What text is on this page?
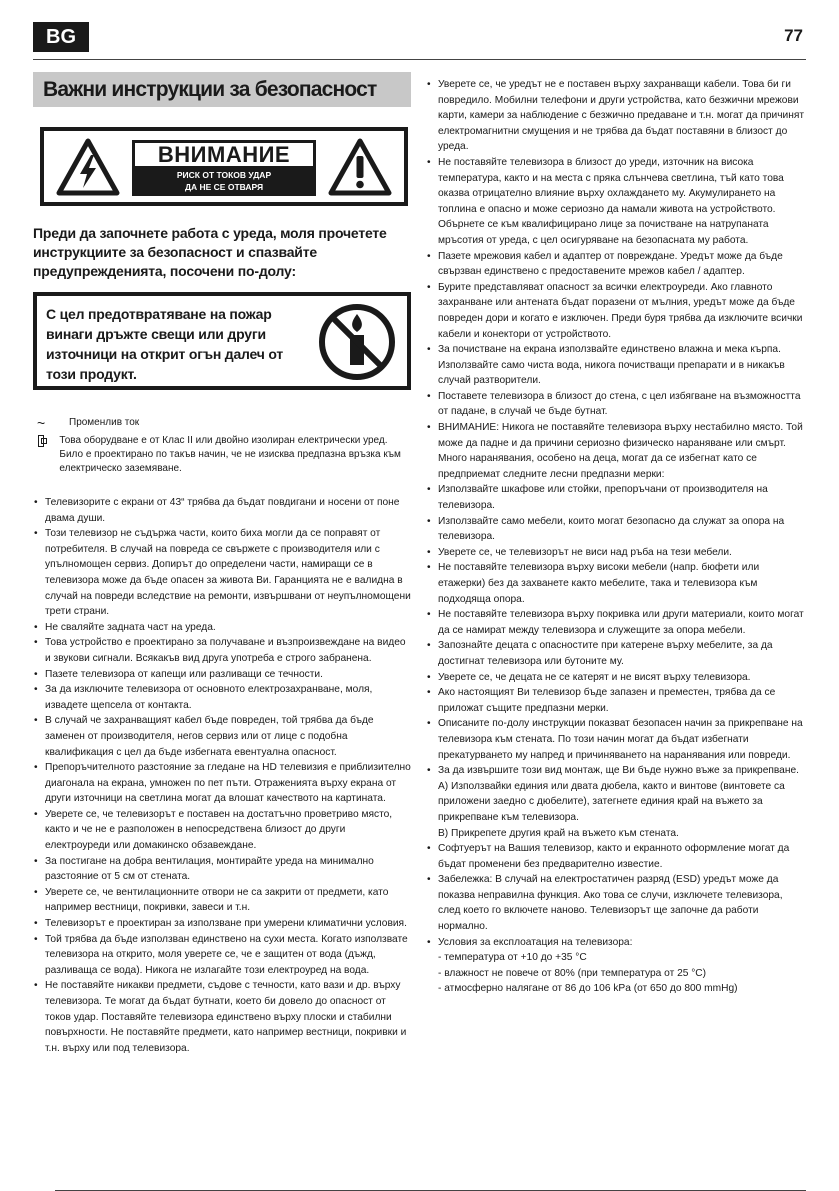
BG	77
Важни инструкции за безопасност
ВНИМАНИЕ
РИСК ОТ ТОКОВ УДАР
ДА НЕ СЕ ОТВАРЯ
Преди да започнете работа с уреда, моля прочетете инструкциите за безопасност и спазвайте предупрежденията, посочени по-долу:
С цел предотвратяване на пожар винаги дръжте свещи или други източници на открит огън далеч от този продукт.
~	Променлив ток
Това оборудване е от Клас II или двойно изолиран електрически уред. Било е проектирано по такъв начин, че не изисква предпазна връзка към електрическо заземяване.
• Телевизорите с екрани от 43“ трябва да бъдат повдигани и носени от поне двама души.
• Този телевизор не съдържа части, които биха могли да се поправят от потребителя. В случай на повреда се свържете с производителя или с упълномощен сервиз. Допирът до определени части, намиращи се в телевизора може да бъде опасен за живота Ви. Гаранцията не е валидна в случай на повреди вследствие на ремонти, извършвани от неупълномощени трети страни.
• Не сваляйте задната част на уреда.
• Това устройство е проектирано за получаване и възпроизвеждане на видео и звукови сигнали. Всякакъв вид друга употреба е строго забранена.
• Пазете телевизора от капещи или разливащи се течности.
• За да изключите телевизора от основното електрозахранване, моля, извадете щепсела от контакта.
• В случай че захранващият кабел бъде повреден, той трябва да бъде заменен от производителя, негов сервиз или от лице с подобна квалификация с цел да бъде избегната евентуална опасност.
• Препоръчителното разстояние за гледане на HD телевизия е приблизително диагонала на екрана, умножен по пет пъти. Отраженията върху екрана от други източници на светлина могат да влошат качеството на картината.
• Уверете се, че телевизорът е поставен на достатъчно проветриво място, както и че не е разположен в непосредствена близост до други електроуреди или домакинско обзавеждане.
• За постигане на добра вентилация, монтирайте уреда на минимално разстояние от 5 см от стената.
• Уверете се, че вентилационните отвори не са закрити от предмети, като например вестници, покривки, завеси и т.н.
• Телевизорът е проектиран за използване при умерени климатични условия.
• Той трябва да бъде използван единствено на сухи места. Когато използвате телевизора на открито, моля уверете се, че е защитен от вода (дъжд, разливаща се вода). Никога не излагайте този електроуред на вода.
• Не поставяйте никакви предмети, съдове с течности, като вази и др. върху телевизора. Те могат да бъдат бутнати, което би довело до опасност от токов удар. Поставяйте телевизора единствено върху плоски и стабилни повърхности. Не поставяйте предмети, като например вестници, покривки и т.н. върху или под телевизора.
• Уверете се, че уредът не е поставен върху захранващи кабели. Това би ги повредило. Мобилни телефони и други устройства, като безжични мрежови карти, камери за наблюдение с безжично предаване и т.н. могат да причинят електромагнитни смущения и не трябва да бъдат поставяни в близост до уреда.
• Не поставяйте телевизора в близост до уреди, източник на висока температура, както и на места с пряка слънчева светлина, тъй като това оказва отрицателно влияние върху охлаждането му. Акумулирането на топлина е опасно и може сериозно да намали живота на устройството. Обърнете се към квалифицирано лице за почистване на натрупаната мръсотия от уреда, с цел осигуряване на безопасната му работа.
• Пазете мрежовия кабел и адаптер от повреждане. Уредът може да бъде свързван единствено с предоставените мрежов кабел / адаптер.
• Бурите представляват опасност за всички електроуреди. Ако главното захранване или антената бъдат поразени от мълния, уредът може да бъде повреден дори и когато е изключен. Преди буря трябва да изключите всички кабели и конектори от устройството.
• За почистване на екрана използвайте единствено влажна и мека кърпа. Използвайте само чиста вода, никога почистващи препарати и в никакъв случай разтворители.
• Поставете телевизора в близост до стена, с цел избягване на възможността от падане, в случай че бъде бутнат.
• ВНИМАНИЕ: Никога не поставяйте телевизора върху нестабилно място. Той може да падне и да причини сериозно физическо нараняване или смърт. Много наранявания, особено на деца, могат да се избегнат като се предприемат следните лесни предпазни мерки:
• Използвайте шкафове или стойки, препоръчани от производителя на телевизора.
• Използвайте само мебели, които могат безопасно да служат за опора на телевизора.
• Уверете се, че телевизорът не виси над ръба на тези мебели.
• Не поставяйте телевизора върху високи мебели (напр. бюфети или етажерки) без да захванете както мебелите, така и телевизора към подходяща опора.
• Не поставяйте телевизора върху покривка или други материали, които могат да се намират между телевизора и служещите за опора мебели.
• Запознайте децата с опасностите при катерене върху мебелите, за да достигнат телевизора или бутоните му.
• Уверете се, че децата не се катерят и не висят върху телевизора.
• Ако настоящият Ви телевизор бъде запазен и преместен, трябва да се приложат същите предпазни мерки.
• Описаните по-долу инструкции показват безопасен начин за прикрепване на телевизора към стената. По този начин могат да бъдат избегнати прекатурването му напред и причиняването на наранявания или повреди.
• За да извършите този вид монтаж, ще Ви бъде нужно въже за прикрепване.
А) Използвайки единия или двата дюбела, както и винтове (винтовете са приложени заедно с дюбелите), затегнете единия край на въжето за прикрепване към телевизора.
В) Прикрепете другия край на въжето към стената.
• Софтуерът на Вашия телевизор, както и екранното оформление могат да бъдат променени без предварително известие.
• Забележка: В случай на електростатичен разряд (ESD) уредът може да показва неправилна функция. Ако това се случи, изключете телевизора, след което го включете наново. Телевизорът ще започне да работи нормално.
• Условия за експлоатация на телевизора:
- температура от +10 до +35 °C
- влажност не повече от 80% (при температура от 25 °C)
- атмосферно налягане от 86 до 106 kPa (от 650 до 800 mmHg)
